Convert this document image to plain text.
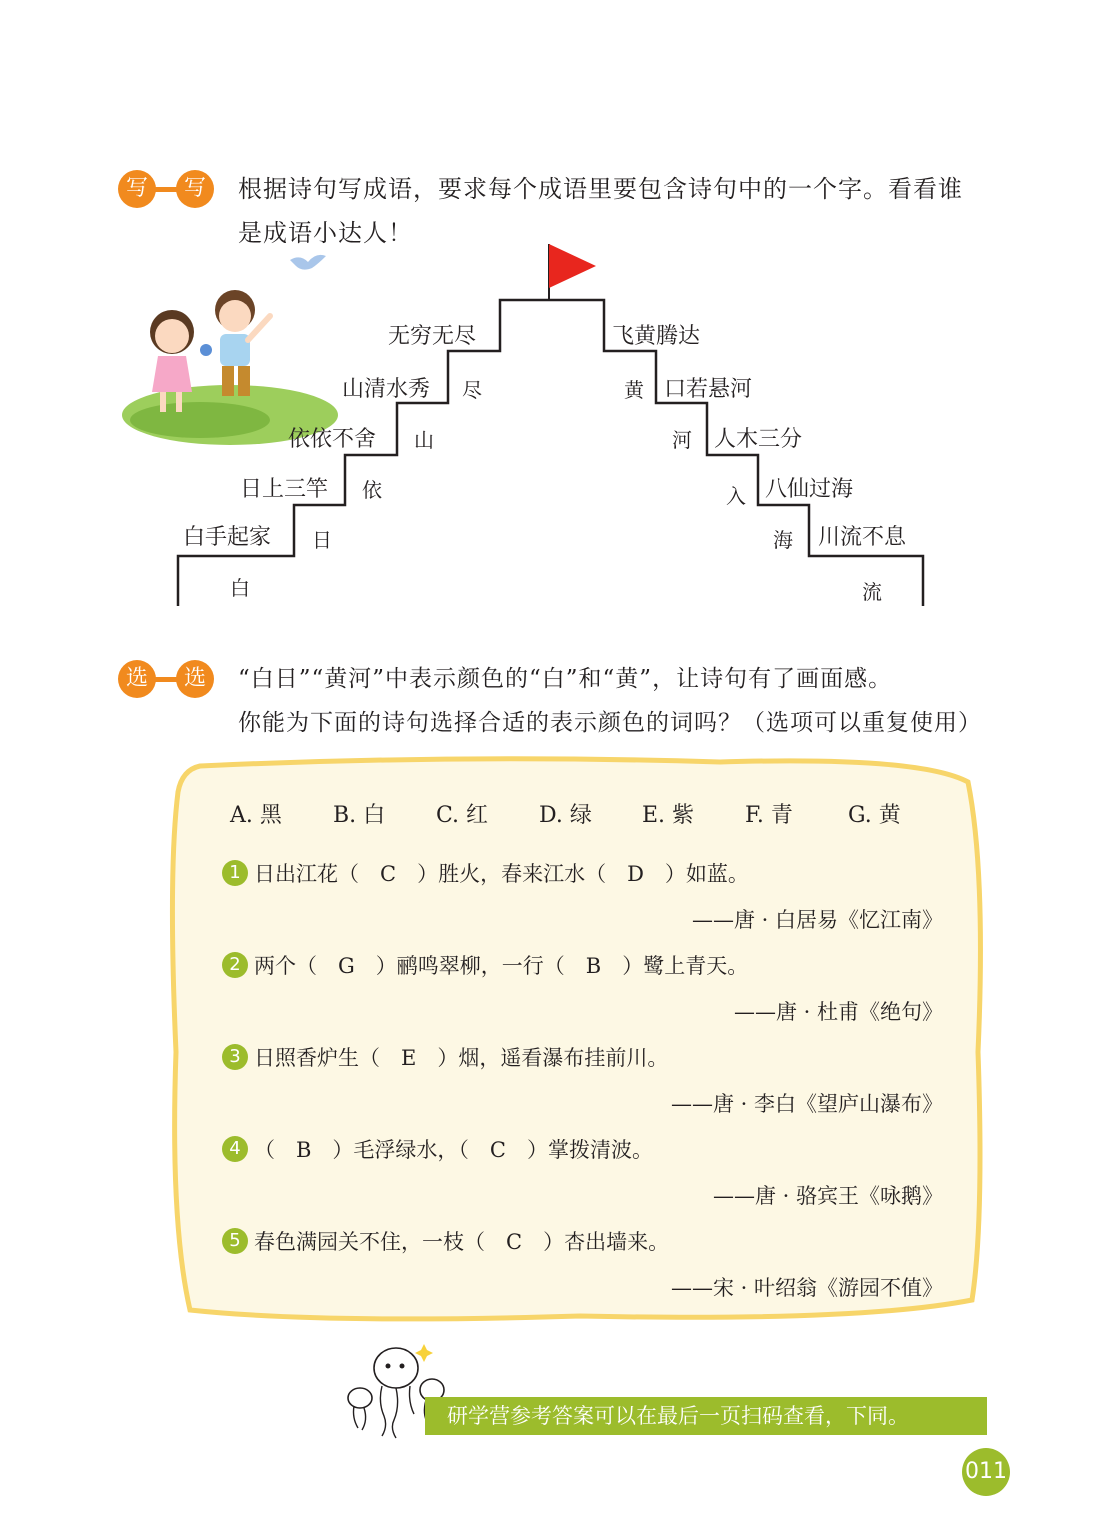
写	写	根据诗句写成语，要求每个成语里要包含诗句中的一个字。看看谁
是成语小达人！
白手起家
日上三竿
依依不舍
山清水秀
无穷无尽
白
日
依
山
尽
飞黄腾达
口若悬河
人木三分
八仙过海
川流不息
黄
河
入
海
流
选	选	“白日”“黄河”中表示颜色的“白”和“黄”，让诗句有了画面感。
你能为下面的诗句选择合适的表示颜色的词吗？（选项可以重复使用）
A. 黑 B. 白 C. 红 D. 绿 E. 紫 F. 青	G. 黄
1 日出江花（　C　）胜火，春来江水（　D　）如蓝。
——唐 · 白居易《忆江南》
2 两个（　G　）鹂鸣翠柳，一行（　B　）鹭上青天。
——唐 · 杜甫《绝句》
3 日照香炉生（　E　）烟，遥看瀑布挂前川。
——唐 · 李白《望庐山瀑布》
4 （　B　）毛浮绿水，（　C　）掌拨清波。
——唐 · 骆宾王《咏鹅》
5 春色满园关不住，一枝（　C　）杏出墙来。
——宋 · 叶绍翁《游园不值》
研学营参考答案可以在最后一页扫码查看，下同。
011
